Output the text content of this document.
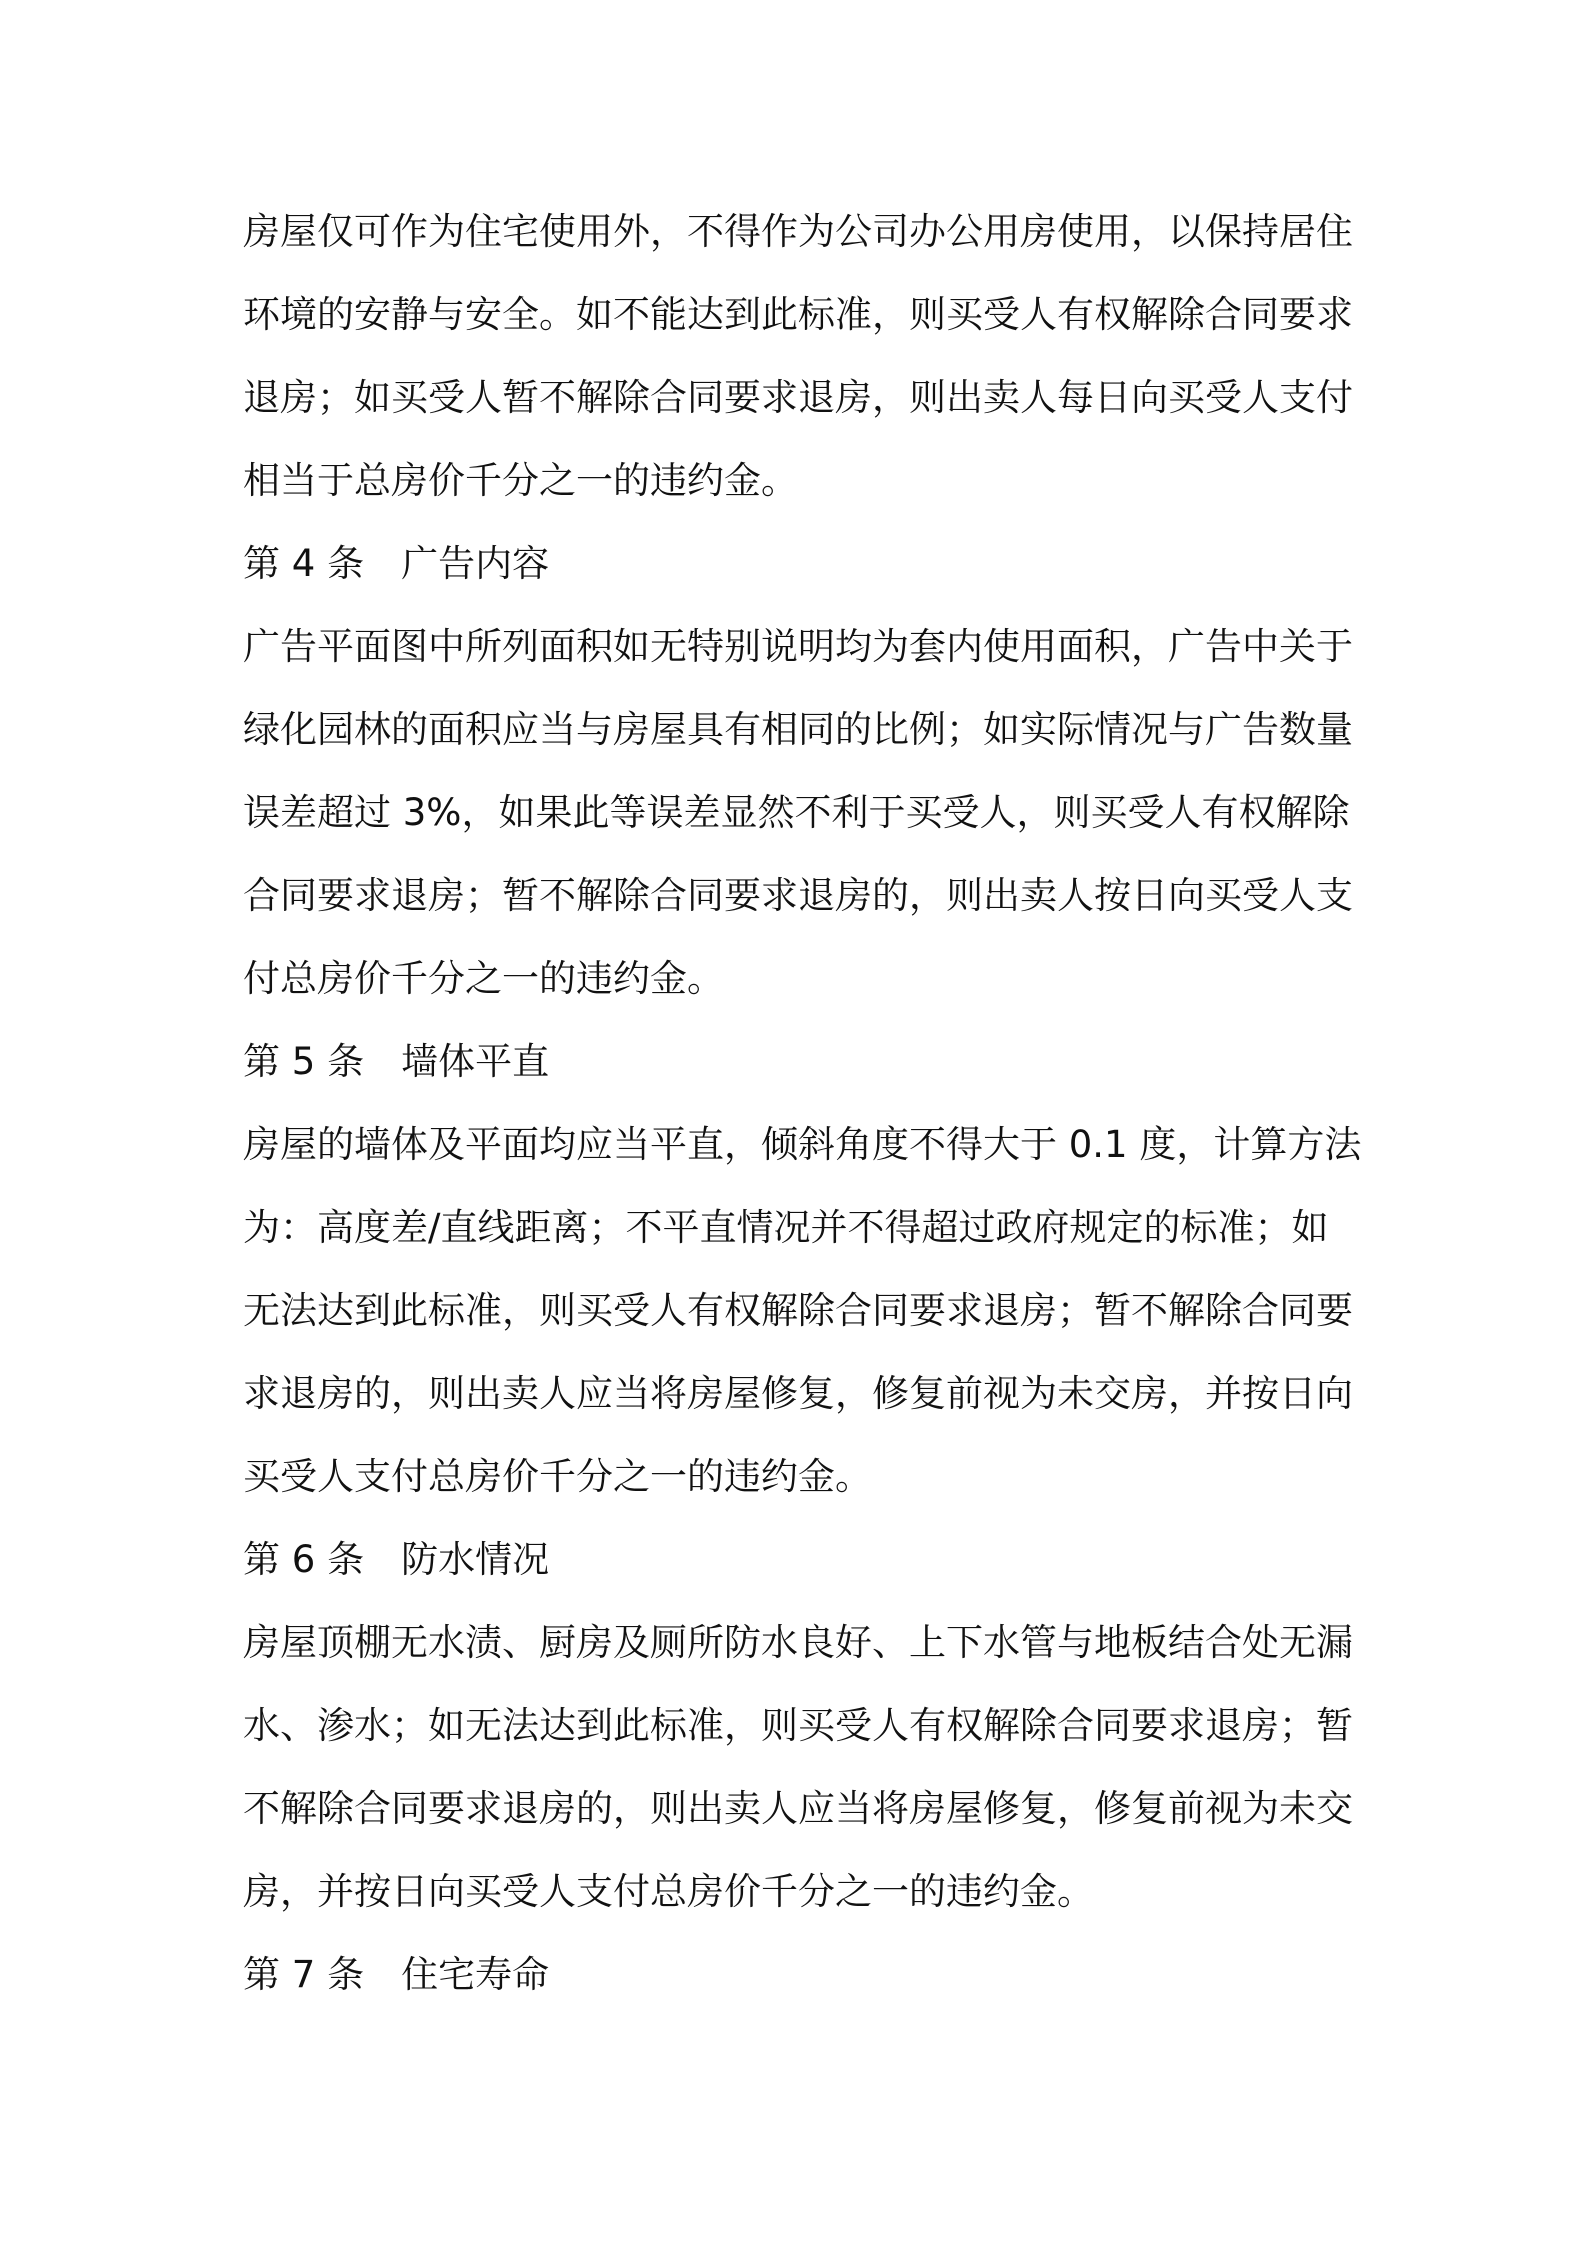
房屋仅可作为住宅使用外，不得作为公司办公用房使用，以保持居住环境的安静与安全。如不能达到此标准，则买受人有权解除合同要求退房；如买受人暂不解除合同要求退房，则出卖人每日向买受人支付相当于总房价千分之一的违约金。

第 4 条　广告内容

广告平面图中所列面积如无特别说明均为套内使用面积，广告中关于绿化园林的面积应当与房屋具有相同的比例；如实际情况与广告数量误差超过 3%，如果此等误差显然不利于买受人，则买受人有权解除合同要求退房；暂不解除合同要求退房的，则出卖人按日向买受人支付总房价千分之一的违约金。

第 5 条　墙体平直

房屋的墙体及平面均应当平直，倾斜角度不得大于 0.1 度，计算方法为：高度差/直线距离；不平直情况并不得超过政府规定的标准；如无法达到此标准，则买受人有权解除合同要求退房；暂不解除合同要求退房的，则出卖人应当将房屋修复，修复前视为未交房，并按日向买受人支付总房价千分之一的违约金。

第 6 条　防水情况

房屋顶棚无水渍、厨房及厕所防水良好、上下水管与地板结合处无漏水、渗水；如无法达到此标准，则买受人有权解除合同要求退房；暂不解除合同要求退房的，则出卖人应当将房屋修复，修复前视为未交房，并按日向买受人支付总房价千分之一的违约金。

第 7 条　住宅寿命
